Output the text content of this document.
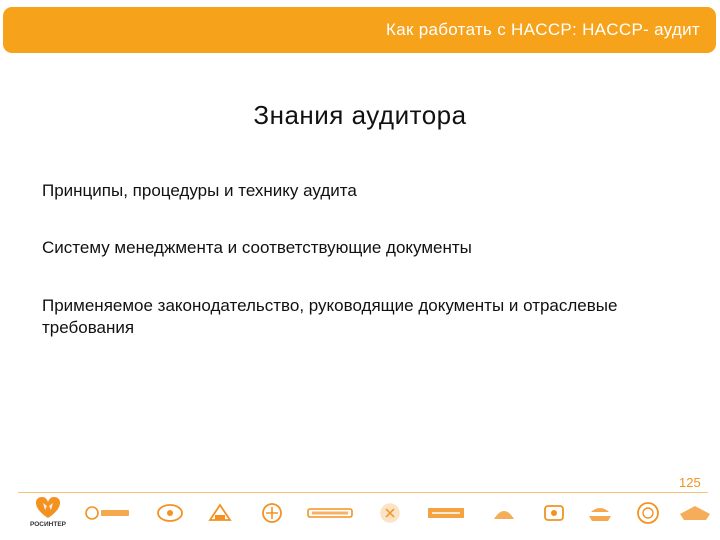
Как работать с HACCP: HACCP- аудит
Знания аудитора
Принципы, процедуры и технику аудита
Систему менеджмента и соответствующие документы
Применяемое законодательство, руководящие документы и отраслевые требования
125
РОСИНТЕР
